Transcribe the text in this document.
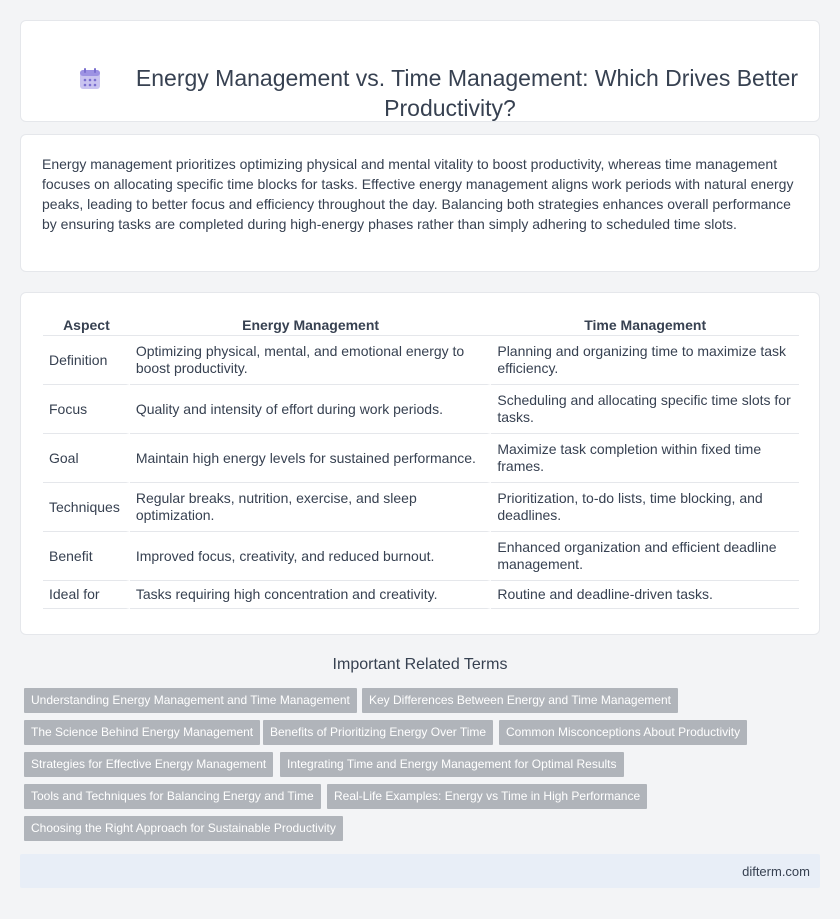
Energy Management vs. Time Management: Which Drives Better Productivity?

Energy management prioritizes optimizing physical and mental vitality to boost productivity, whereas time management focuses on allocating specific time blocks for tasks. Effective energy management aligns work periods with natural energy peaks, leading to better focus and efficiency throughout the day. Balancing both strategies enhances overall performance by ensuring tasks are completed during high-energy phases rather than simply adhering to scheduled time slots.

Aspect	Energy Management	Time Management
Definition	Optimizing physical, mental, and emotional energy to boost productivity.	Planning and organizing time to maximize task efficiency.
Focus	Quality and intensity of effort during work periods.	Scheduling and allocating specific time slots for tasks.
Goal	Maintain high energy levels for sustained performance.	Maximize task completion within fixed time frames.
Techniques	Regular breaks, nutrition, exercise, and sleep optimization.	Prioritization, to-do lists, time blocking, and deadlines.
Benefit	Improved focus, creativity, and reduced burnout.	Enhanced organization and efficient deadline management.
Ideal for	Tasks requiring high concentration and creativity.	Routine and deadline-driven tasks.
Important Related Terms
Understanding Energy Management and Time Management	Key Differences Between Energy and Time Management
The Science Behind Energy Management	Benefits of Prioritizing Energy Over Time	Common Misconceptions About Productivity
Strategies for Effective Energy Management	Integrating Time and Energy Management for Optimal Results
Tools and Techniques for Balancing Energy and Time	Real-Life Examples: Energy vs Time in High Performance
Choosing the Right Approach for Sustainable Productivity
difterm.com
